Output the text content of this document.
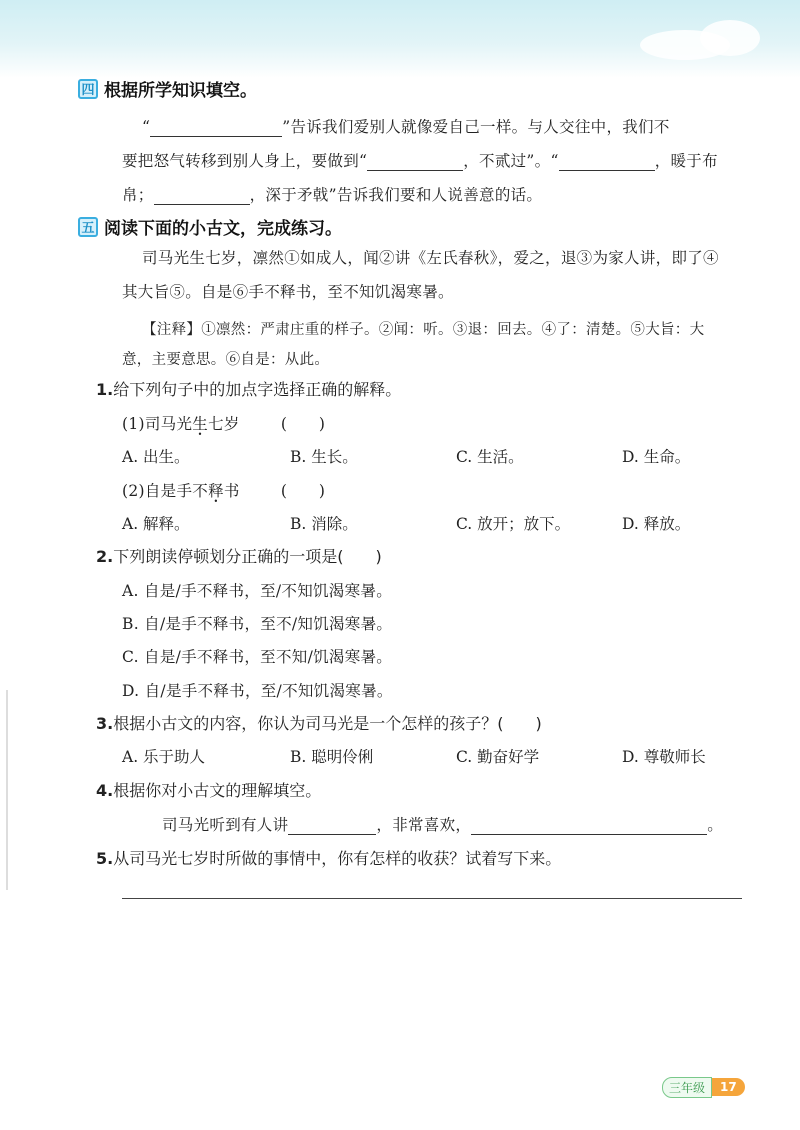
四 根据所学知识填空。
“	”告诉我们爱别人就像爱自己一样。与人交往中，我们不
要把怒气转移到别人身上，要做到“	，不贰过”。“	，暖于布
帛；	，深于矛戟”告诉我们要和人说善意的话。
五 阅读下面的小古文，完成练习。
司马光生七岁，凛然①如成人，闻②讲《左氏春秋》，爱之，退③为家人讲，即了④
其大旨⑤。自是⑥手不释书，至不知饥渴寒暑。
【注释】①凛然：严肃庄重的样子。②闻：听。③退：回去。④了：清楚。⑤大旨：大
意，主要意思。⑥自是：从此。
1.给下列句子中的加点字选择正确的解释。
(1)司马光生七岁	(　　)
A. 出生。	B. 生长。	C. 生活。	D. 生命。
(2)自是手不释书	(　　)
A. 解释。	B. 消除。	C. 放开；放下。	D. 释放。
2.下列朗读停顿划分正确的一项是(　　)
A. 自是/手不释书，至/不知饥渴寒暑。
B. 自/是手不释书，至不/知饥渴寒暑。
C. 自是/手不释书，至不知/饥渴寒暑。
D. 自/是手不释书，至/不知饥渴寒暑。
3.根据小古文的内容，你认为司马光是一个怎样的孩子？(　　)
A. 乐于助人	B. 聪明伶俐	C. 勤奋好学	D. 尊敬师长
4.根据你对小古文的理解填空。
司马光听到有人讲	，非常喜欢，	。
5.从司马光七岁时所做的事情中，你有怎样的收获？试着写下来。
三年级	17
